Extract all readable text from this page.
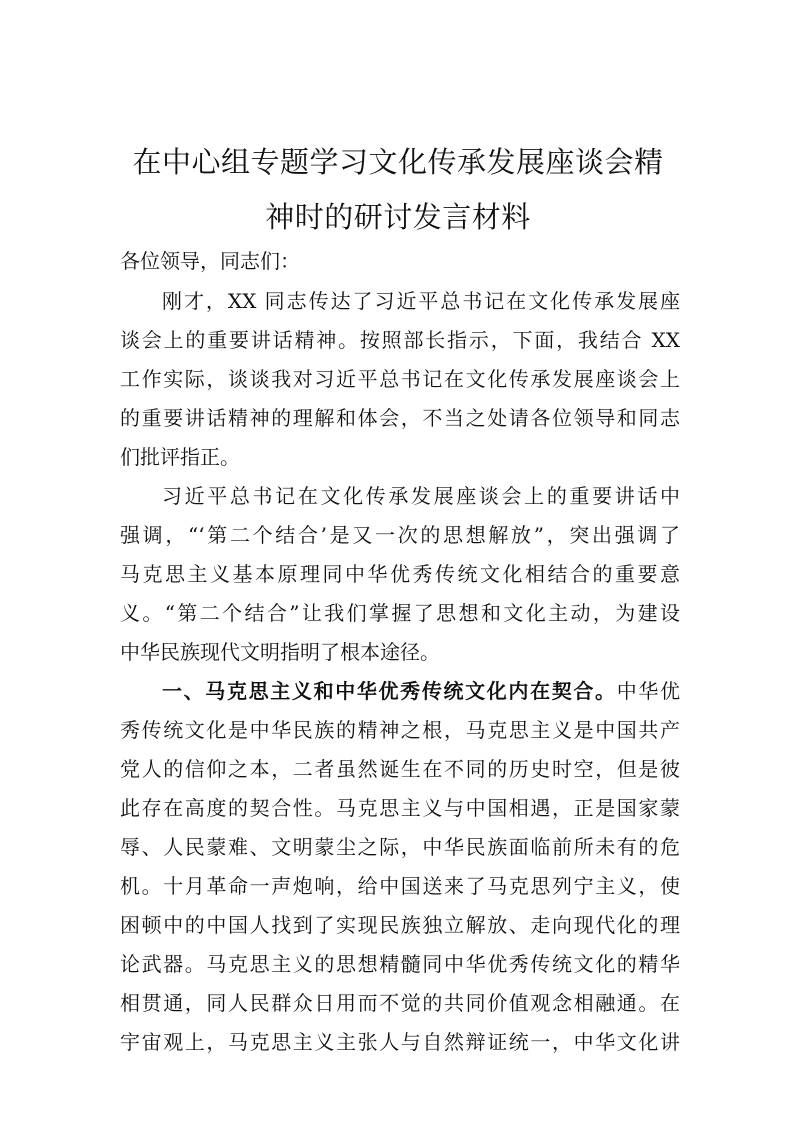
在中心组专题学习文化传承发展座谈会精
神时的研讨发言材料
各位领导，同志们：
刚才，XX 同志传达了习近平总书记在文化传承发展座
谈会上的重要讲话精神。按照部长指示，下面，我结合 XX
工作实际，谈谈我对习近平总书记在文化传承发展座谈会上
的重要讲话精神的理解和体会，不当之处请各位领导和同志
们批评指正。
习近平总书记在文化传承发展座谈会上的重要讲话中
强调，“‘第二个结合’是又一次的思想解放”，突出强调了
马克思主义基本原理同中华优秀传统文化相结合的重要意
义。“第二个结合”让我们掌握了思想和文化主动，为建设
中华民族现代文明指明了根本途径。
一、马克思主义和中华优秀传统文化内在契合。中华优
秀传统文化是中华民族的精神之根，马克思主义是中国共产
党人的信仰之本，二者虽然诞生在不同的历史时空，但是彼
此存在高度的契合性。马克思主义与中国相遇，正是国家蒙
辱、人民蒙难、文明蒙尘之际，中华民族面临前所未有的危
机。十月革命一声炮响，给中国送来了马克思列宁主义，使
困顿中的中国人找到了实现民族独立解放、走向现代化的理
论武器。马克思主义的思想精髓同中华优秀传统文化的精华
相贯通，同人民群众日用而不觉的共同价值观念相融通。在
宇宙观上，马克思主义主张人与自然辩证统一，中华文化讲
